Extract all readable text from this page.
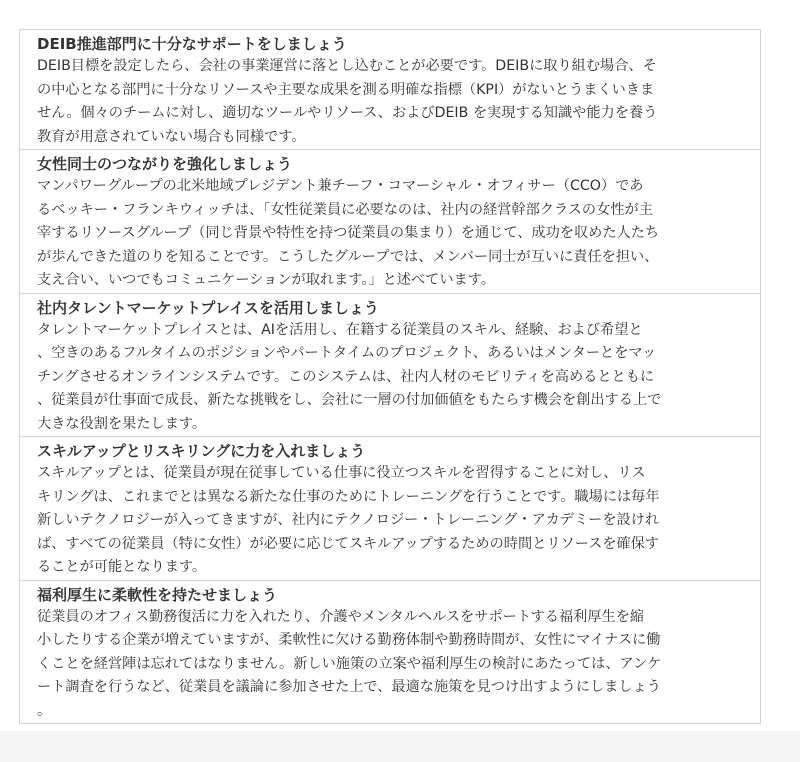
DEIB推進部門に十分なサポートをしましょう
DEIB目標を設定したら、会社の事業運営に落とし込むことが必要です。DEIBに取り組む場合、そ
の中心となる部門に十分なリソースや主要な成果を測る明確な指標（KPI）がないとうまくいきま
せん。個々のチームに対し、適切なツールやリソース、およびDEIB を実現する知識や能力を養う
教育が用意されていない場合も同様です。
女性同士のつながりを強化しましょう
マンパワーグループの北米地域プレジデント兼チーフ・コマーシャル・オフィサー（CCO）であ
るベッキー・フランキウィッチは、「女性従業員に必要なのは、社内の経営幹部クラスの女性が主
宰するリソースグループ（同じ背景や特性を持つ従業員の集まり）を通じて、成功を収めた人たち
が歩んできた道のりを知ることです。こうしたグループでは、メンバー同士が互いに責任を担い、
支え合い、いつでもコミュニケーションが取れます。」と述べています。
社内タレントマーケットプレイスを活用しましょう
タレントマーケットプレイスとは、AIを活用し、在籍する従業員のスキル、経験、および希望と
、空きのあるフルタイムのポジションやパートタイムのプロジェクト、あるいはメンターとをマッ
チングさせるオンラインシステムです。このシステムは、社内人材のモビリティを高めるとともに
、従業員が仕事面で成長、新たな挑戦をし、会社に一層の付加価値をもたらす機会を創出する上で
大きな役割を果たします。
スキルアップとリスキリングに力を入れましょう
スキルアップとは、従業員が現在従事している仕事に役立つスキルを習得することに対し、リス
キリングは、これまでとは異なる新たな仕事のためにトレーニングを行うことです。職場には毎年
新しいテクノロジーが入ってきますが、社内にテクノロジー・トレーニング・アカデミーを設けれ
ば、すべての従業員（特に女性）が必要に応じてスキルアップするための時間とリソースを確保す
ることが可能となります。
福利厚生に柔軟性を持たせましょう
従業員のオフィス勤務復活に力を入れたり、介護やメンタルヘルスをサポートする福利厚生を縮
小したりする企業が増えていますが、柔軟性に欠ける勤務体制や勤務時間が、女性にマイナスに働
くことを経営陣は忘れてはなりません。新しい施策の立案や福利厚生の検討にあたっては、アンケ
ート調査を行うなど、従業員を議論に参加させた上で、最適な施策を見つけ出すようにしましょう
。
